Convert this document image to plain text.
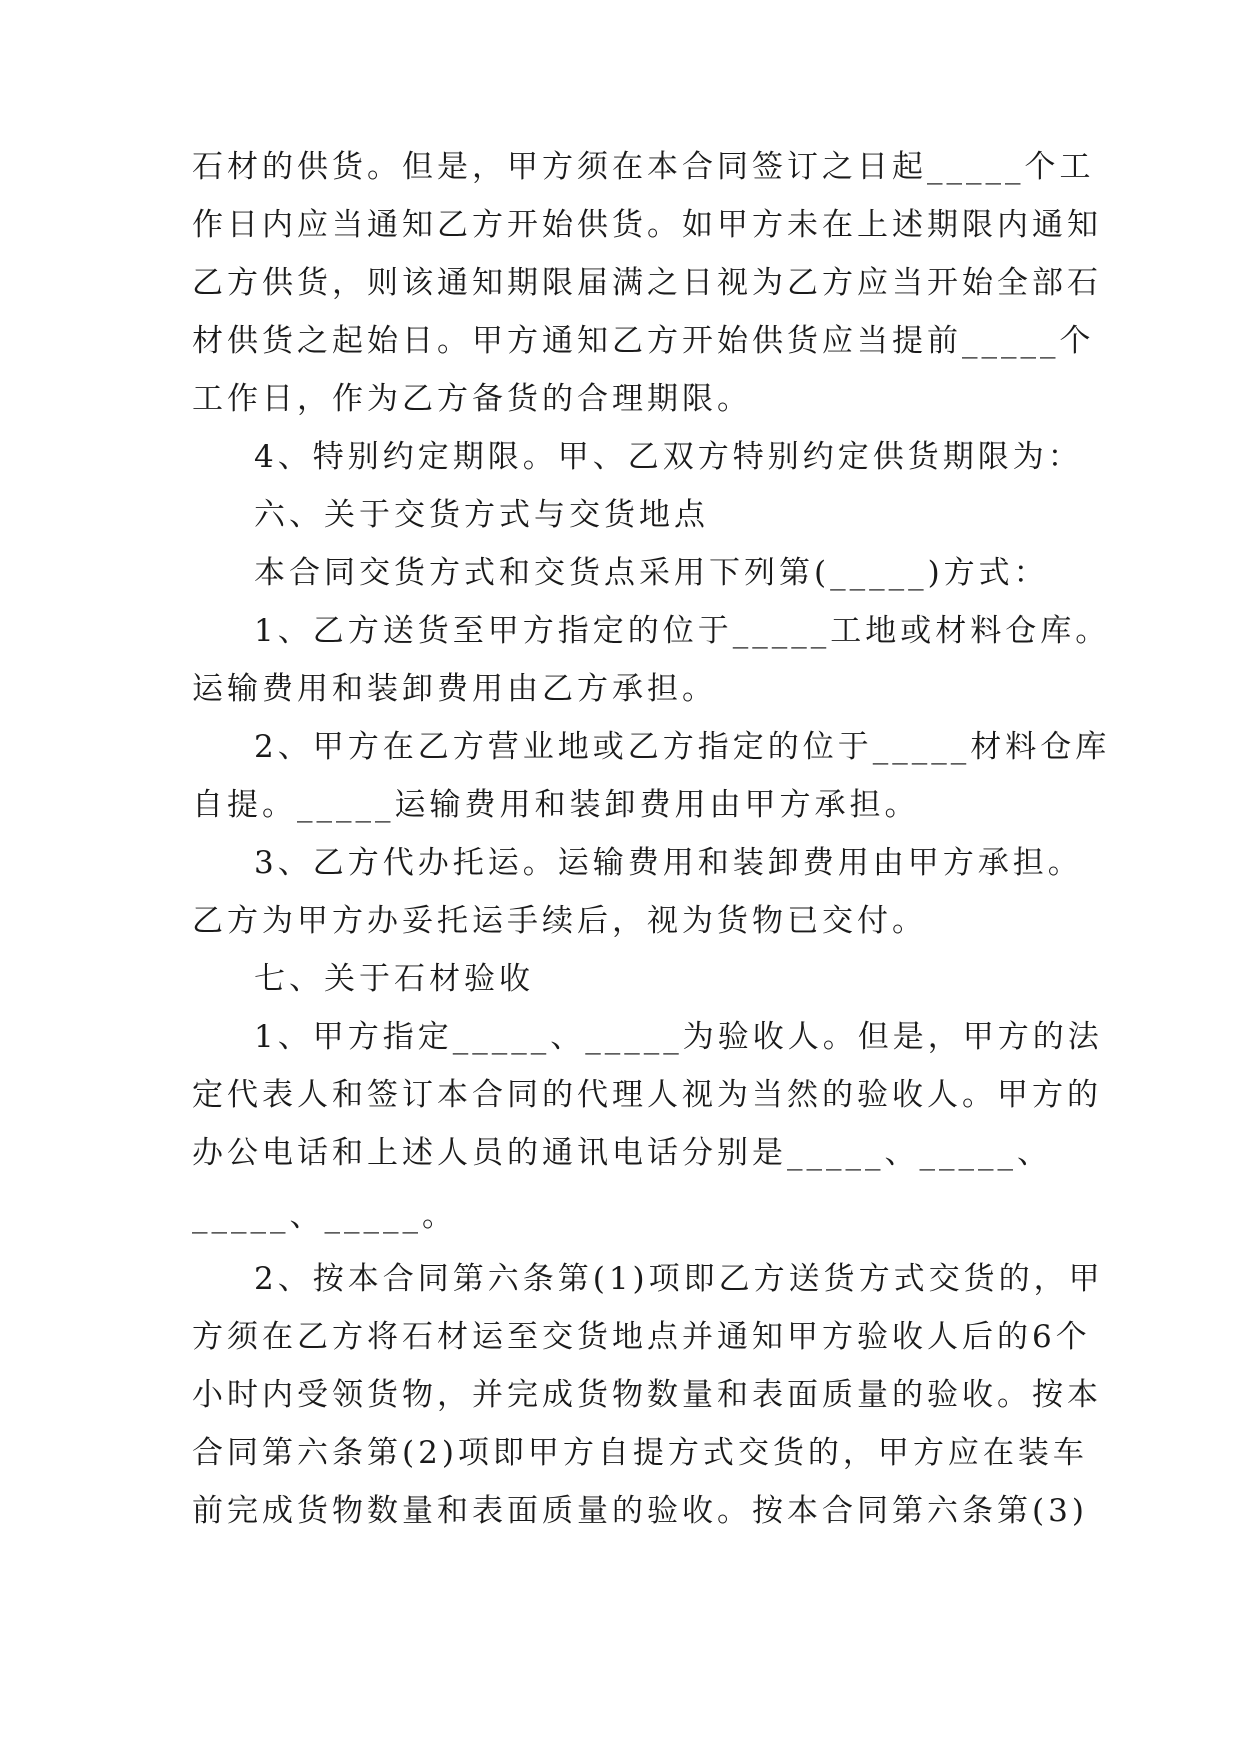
石材的供货。但是，甲方须在本合同签订之日起_____个工
作日内应当通知乙方开始供货。如甲方未在上述期限内通知
乙方供货，则该通知期限届满之日视为乙方应当开始全部石
材供货之起始日。甲方通知乙方开始供货应当提前_____个
工作日，作为乙方备货的合理期限。
4、特别约定期限。甲、乙双方特别约定供货期限为：
六、关于交货方式与交货地点
本合同交货方式和交货点采用下列第(_____)方式：
1、乙方送货至甲方指定的位于_____工地或材料仓库。
运输费用和装卸费用由乙方承担。
2、甲方在乙方营业地或乙方指定的位于_____材料仓库
自提。_____运输费用和装卸费用由甲方承担。
3、乙方代办托运。运输费用和装卸费用由甲方承担。
乙方为甲方办妥托运手续后，视为货物已交付。
七、关于石材验收
1、甲方指定_____、_____为验收人。但是，甲方的法
定代表人和签订本合同的代理人视为当然的验收人。甲方的
办公电话和上述人员的通讯电话分别是_____、_____、
_____、_____。
2、按本合同第六条第(1)项即乙方送货方式交货的，甲
方须在乙方将石材运至交货地点并通知甲方验收人后的6个
小时内受领货物，并完成货物数量和表面质量的验收。按本
合同第六条第(2)项即甲方自提方式交货的，甲方应在装车
前完成货物数量和表面质量的验收。按本合同第六条第(3)
